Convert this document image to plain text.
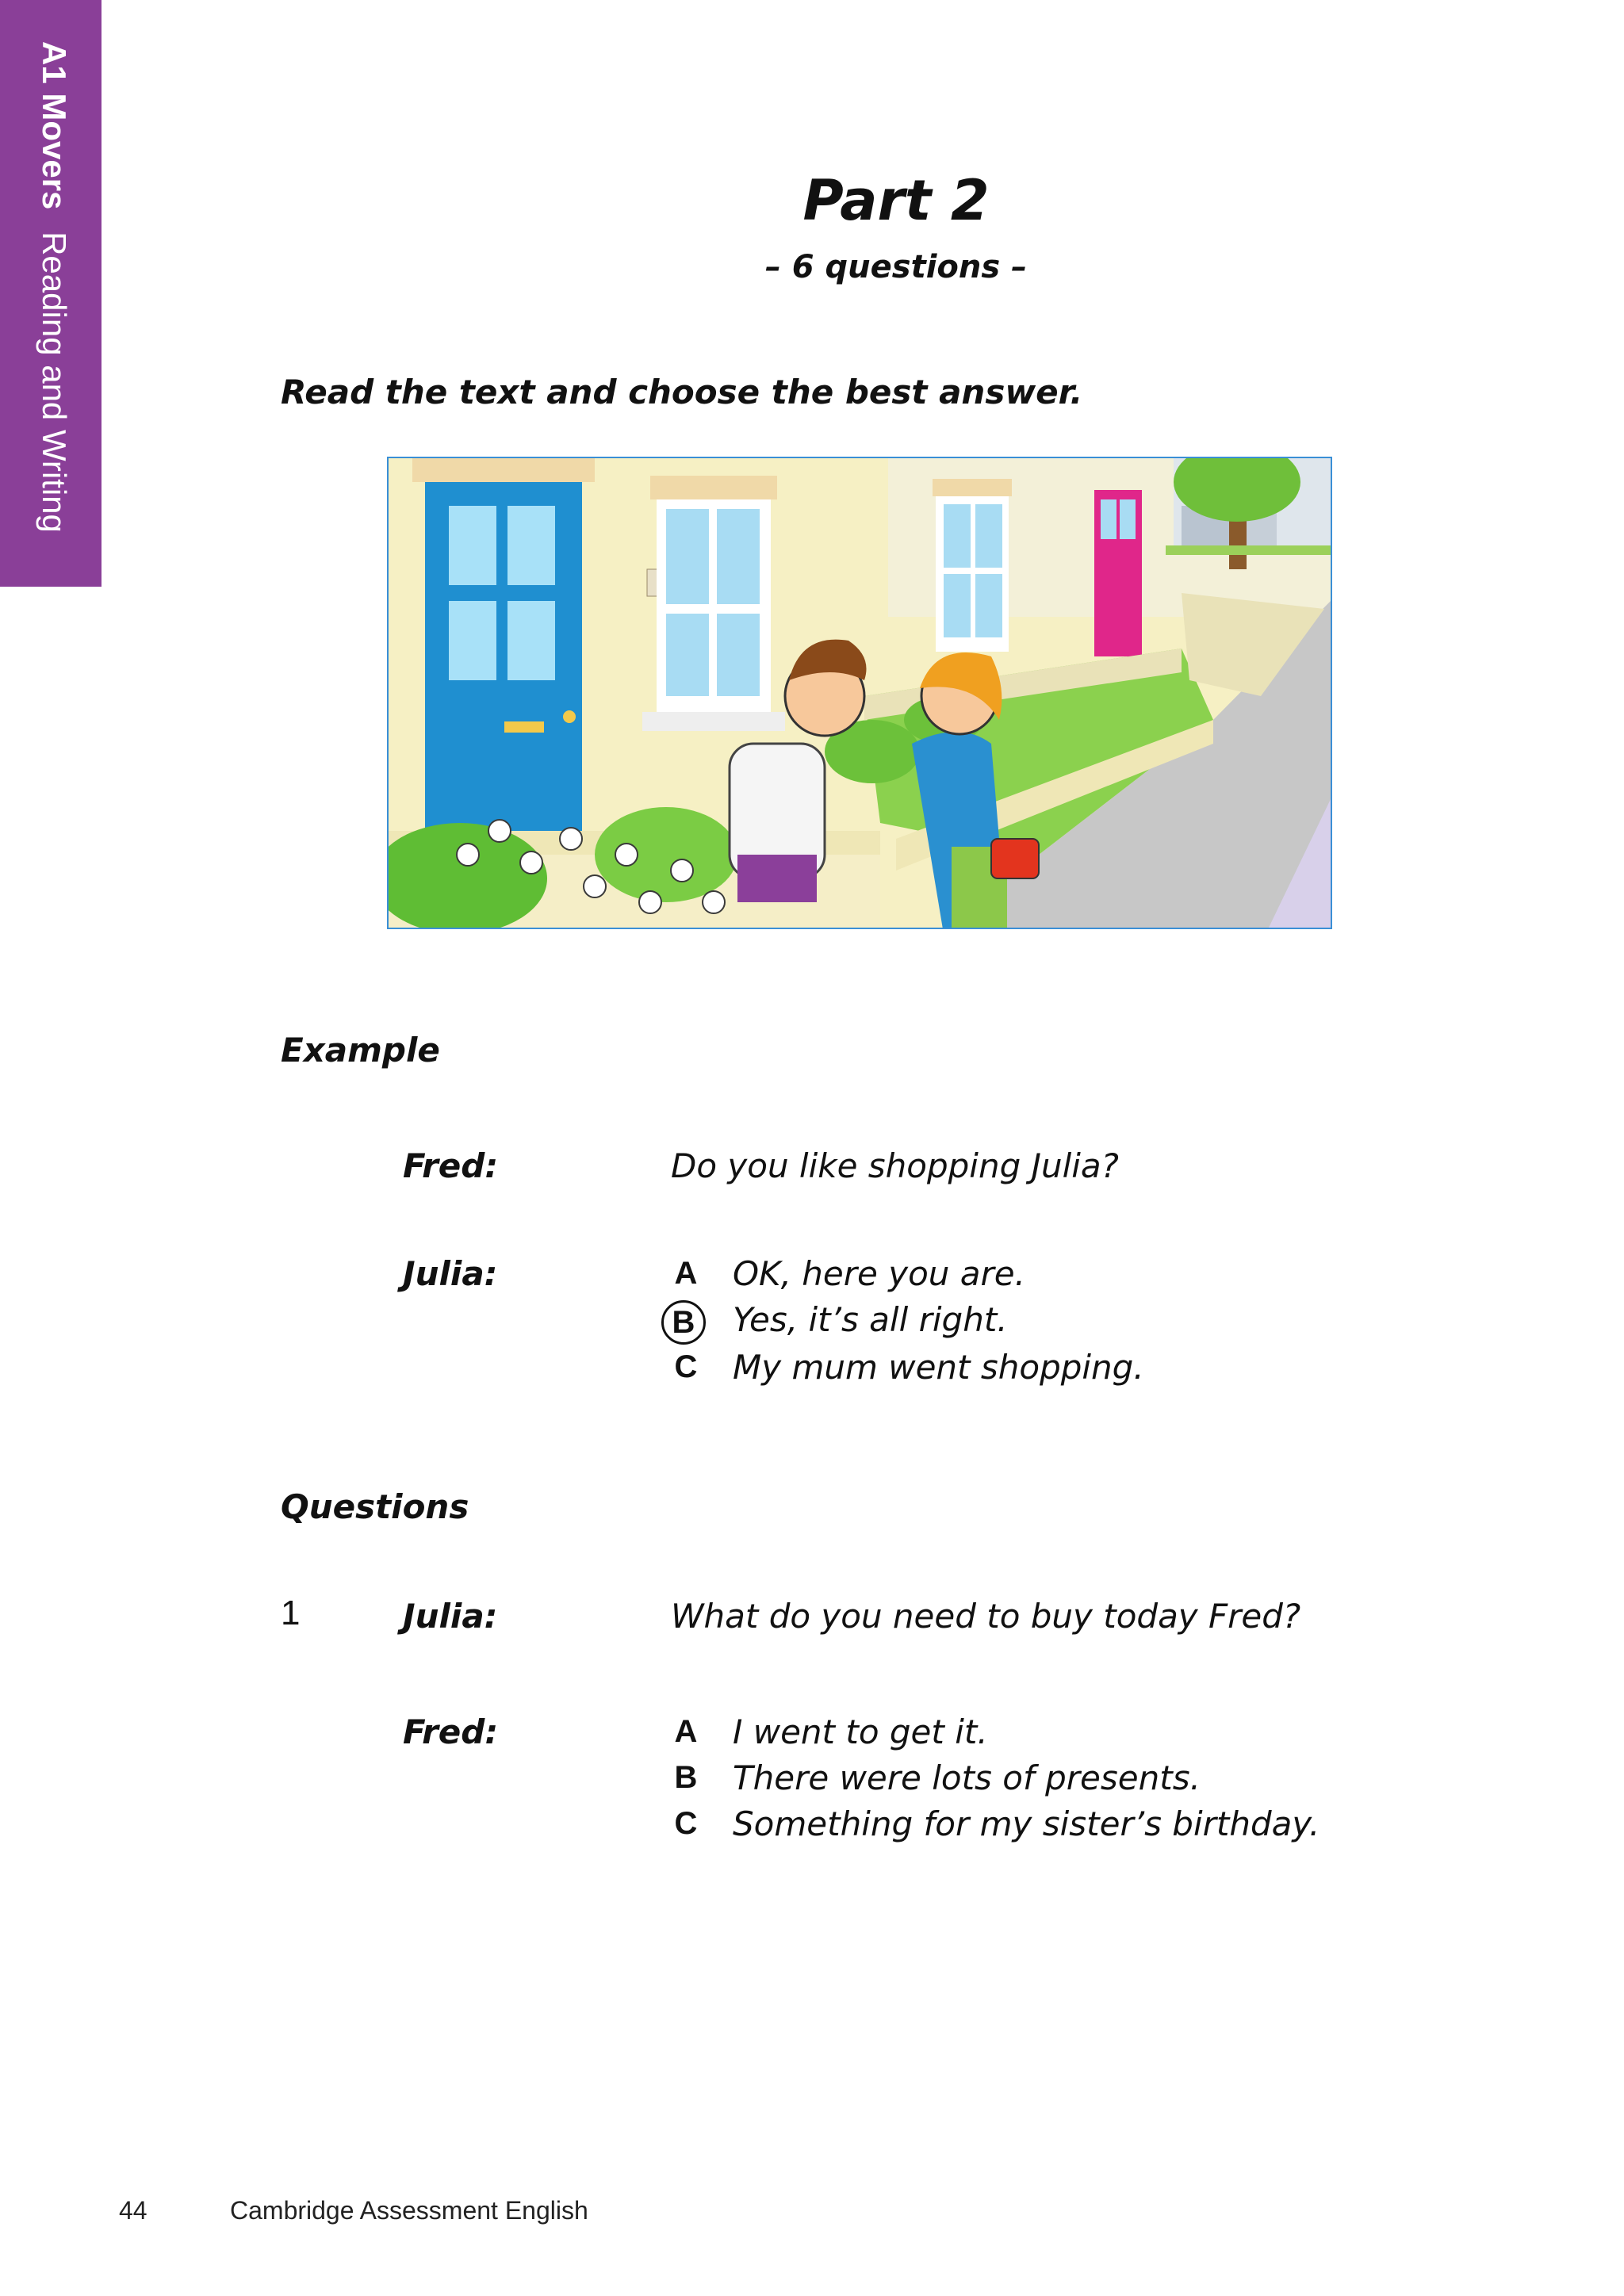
A1 Movers Reading and Writing
Part 2
– 6 questions –
Read the text and choose the best answer.
Example
Fred:	Do you like shopping Julia?
Julia:	A OK, here you are.
B	Yes, it’s all right.
C My mum went shopping.
Questions
1	Julia:	What do you need to buy today Fred?
Fred:	A I went to get it.
B There were lots of presents.
C Something for my sister’s birthday.
44	Cambridge Assessment English
